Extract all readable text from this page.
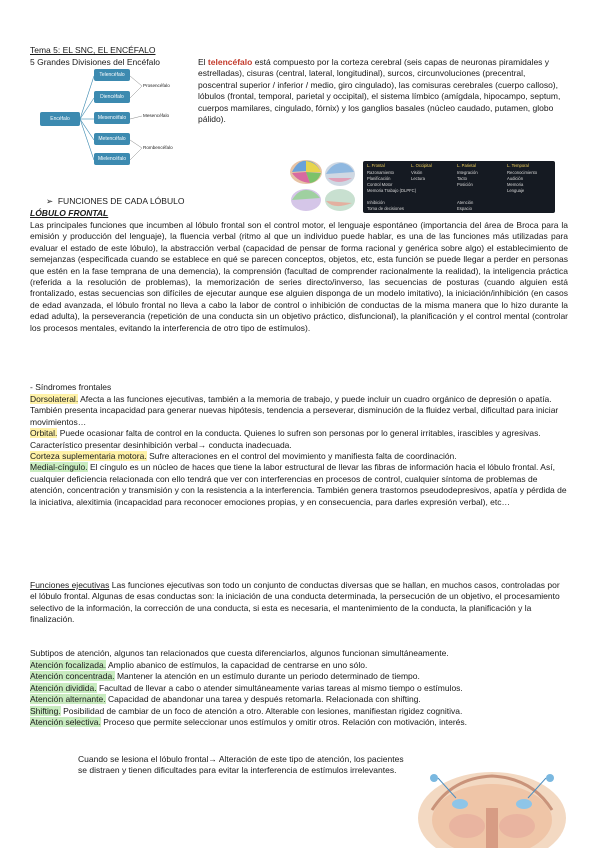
Tema 5: EL SNC, EL ENCÉFALO
5 Grandes Divisiones del Encéfalo	El telencéfalo está compuesto por la corteza cerebral (seis capas de neuronas piramidales y estrelladas), cisuras (central, lateral, longitudinal), surcos, circunvoluciones (precentral, poscentral superior / inferior / medio, giro cingulado), las comisuras cerebrales (cuerpo calloso), lóbulos (frontal, temporal, parietal y occipital), el sistema límbico (amígdala, hipocampo, septum, cuerpos mamilares, cingulado, fórnix) y los ganglios basales (núcleo caudado, putamen, globo pálido).
Encéfalo
Telencéfalo
Diencéfalo
Mesencéfalo
Metencéfalo
Mielencéfalo
Prosencéfalo
Mesencéfalo
Rombencéfalo
L. Frontal
Razonamiento
Planificación
Control Motor
Memoria Trabajo (DLPFC)
Inhibición
Toma de decisiones
L. Occipital
Visión
Lectura
L. Parietal
Integración
Tacto
Posición
Atención
Espacio
L. Temporal
Reconocimiento
Audición
Memoria
Lenguaje
➢ FUNCIONES DE CADA LÓBULO
LÓBULO FRONTAL
Las principales funciones que incumben al lóbulo frontal son el control motor, el lenguaje espontáneo (importancia del área de Broca para la emisión y producción del lenguaje), la fluencia verbal (ritmo al que un individuo puede hablar, es una de las funciones más utilizadas para evaluar el estado de este lóbulo), la abstracción verbal (capacidad de pensar de forma racional y genérica sobre algo) el establecimiento de semejanzas (especificada cuando se establece en qué se parecen conceptos, objetos, etc, esta función se puede llegar a perder en personas que estén en la fase temprana de una demencia), la comprensión (facultad de comprender racionalmente la realidad), la inteligencia práctica (referida a la resolución de problemas), la memorización de series directo/inverso, las secuencias de posturas (cuando alguien está frontalizado, estas secuencias son difíciles de ejecutar aunque ese alguien disponga de un modelo imitativo), la iniciación/inhibición (en casos de edad avanzada, el lóbulo frontal no lleva a cabo la labor de control o inhibición de conductas de la misma manera que lo hizo durante la edad adulta), la perseverancia (repetición de una conducta sin un objetivo práctico, disfuncional), la planificación y el control mental (controlar los procesos mentales, evitando la interferencia de otro tipo de estímulos).
- Síndromes frontales
Dorsolateral. Afecta a las funciones ejecutivas, también a la memoria de trabajo, y puede incluir un cuadro orgánico de depresión o apatía. También presenta incapacidad para generar nuevas hipótesis, tendencia a perseverar, disminución de la fluidez verbal, dificultad para iniciar movimientos…
Orbital. Puede ocasionar falta de control en la conducta. Quienes lo sufren son personas por lo general irritables, irascibles y agresivas. Característico presentar desinhibición verbal→ conducta inadecuada.
Corteza suplementaria motora. Sufre alteraciones en el control del movimiento y manifiesta falta de coordinación.
Medial-cíngulo. El cíngulo es un núcleo de haces que tiene la labor estructural de llevar las fibras de información hacia el lóbulo frontal. Así, cualquier deficiencia relacionada con ello tendrá que ver con interferencias en procesos de control, cualquier síntoma de problemas de atención, concentración y transmisión y con la resistencia a la interferencia. También genera trastornos pseudodepresivos, apatía y pérdida de la iniciativa, alexitimia (incapacidad para reconocer emociones propias, y en consecuencia, para darles expresión verbal), etc…
Funciones ejecutivas Las funciones ejecutivas son todo un conjunto de conductas diversas que se hallan, en muchos casos, controladas por el lóbulo frontal. Algunas de esas conductas son: la iniciación de una conducta determinada, la persecución de un objetivo, el procesamiento selectivo de la información, la corrección de una conducta, si esta es necesaria, el mantenimiento de la conducta, la planificación y la finalización.
Subtipos de atención, algunos tan relacionados que cuesta diferenciarlos, algunos funcionan simultáneamente.
Atención focalizada. Amplio abanico de estímulos, la capacidad de centrarse en uno sólo.
Atención concentrada. Mantener la atención en un estímulo durante un periodo determinado de tiempo.
Atención dividida. Facultad de llevar a cabo o atender simultáneamente varias tareas al mismo tiempo o estímulos.
Atención alternante. Capacidad de abandonar una tarea y después retomarla. Relacionada con shifting.
Shifting. Posibilidad de cambiar de un foco de atención a otro. Alterable con lesiones, manifiestan rigidez cognitiva.
Atención selectiva. Proceso que permite seleccionar unos estímulos y omitir otros. Relación con motivación, interés.
Cuando se lesiona el lóbulo frontal→ Alteración de este tipo de atención, los pacientes se distraen y tienen dificultades para evitar la interferencia de estímulos irrelevantes.
